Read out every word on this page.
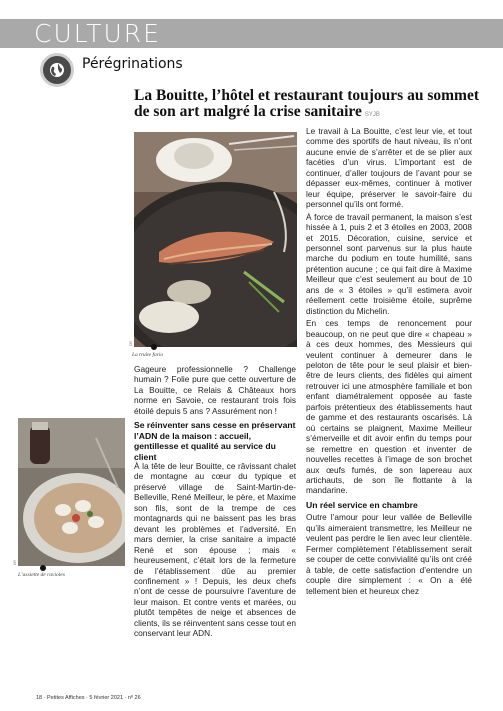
CULTURE
Pérégrinations
La Bouitte, l’hôtel et restaurant toujours au sommet de son art malgré la crise sanitaire SYJB
DR
La truite fario
DR
L’assiette de ravioles

Gageure professionnelle ? Challenge humain ? Folie pure que cette ouverture de La Bouitte, ce Relais & Châteaux hors norme en Savoie, ce restaurant trois fois étoilé depuis 5 ans ? Assurément non !

Se réinventer sans cesse en préservant l’ADN de la maison : accueil, gentillesse et qualité au service du client

À la tête de leur Bouitte, ce râvissant chalet de montagne au cœur du typique et préservé village de Saint-Martin-de-Belleville, René Meilleur, le père, et Maxime son fils, sont de la trempe de ces montagnards qui ne baissent pas les bras devant les problèmes et l’adversité. En mars dernier, la crise sanitaire a impacté René et son épouse ; mais « heureusement, c’était lors de la fermeture de l’établissement dûe au premier confinement » ! Depuis, les deux chefs n’ont de cesse de poursuivre l’aventure de leur maison. Et contre vents et marées, ou plutôt tempêtes de neige et absences de clients, ils se réinventent sans cesse tout en conservant leur ADN.

Le travail à La Bouitte, c’est leur vie, et tout comme des sportifs de haut niveau, ils n’ont aucune envie de s’arrêter et de se plier aux facéties d’un virus. L’important est de continuer, d’aller toujours de l’avant pour se dépasser eux-mêmes, continuer à motiver leur équipe, préserver le savoir-faire du personnel qu’ils ont formé.

À force de travail permanent, la maison s’est hissée à 1, puis 2 et 3 étoiles en 2003, 2008 et 2015. Décoration, cuisine, service et personnel sont parvenus sur la plus haute marche du podium en toute humilité, sans prétention aucune ; ce qui fait dire à Maxime Meilleur que c’est seulement au bout de 10 ans de « 3 étoiles » qu’il estimera avoir réellement cette troisième étoile, suprême distinction du Michelin.

En ces temps de renoncement pour beaucoup, on ne peut que dire « chapeau » à ces deux hommes, des Messieurs qui veulent continuer à demeurer dans le peloton de tête pour le seul plaisir et bien-être de leurs clients, des fidèles qui aiment retrouver ici une atmosphère familiale et bon enfant diamétralement opposée au faste parfois prétentieux des établissements haut de gamme et des restaurants oscarisés. Là où certains se plaignent, Maxime Meilleur s’émerveille et dit avoir enfin du temps pour se remettre en question et inventer de nouvelles recettes à l’image de son brochet aux œufs fumés, de son lapereau aux artichauts, de son île flottante à la mandarine.

Un réel service en chambre

Outre l’amour pour leur vallée de Belleville qu’ils aimeraient transmettre, les Meilleur ne veulent pas perdre le lien avec leur clientèle. Fermer complètement l’établissement serait se couper de cette convivialité qu’ils ont créé à table, de cette satisfaction d’entendre un couple dire simplement : « On a été tellement bien et heureux chez

18 · Petites Affiches · 5 février 2021 · nº 26
